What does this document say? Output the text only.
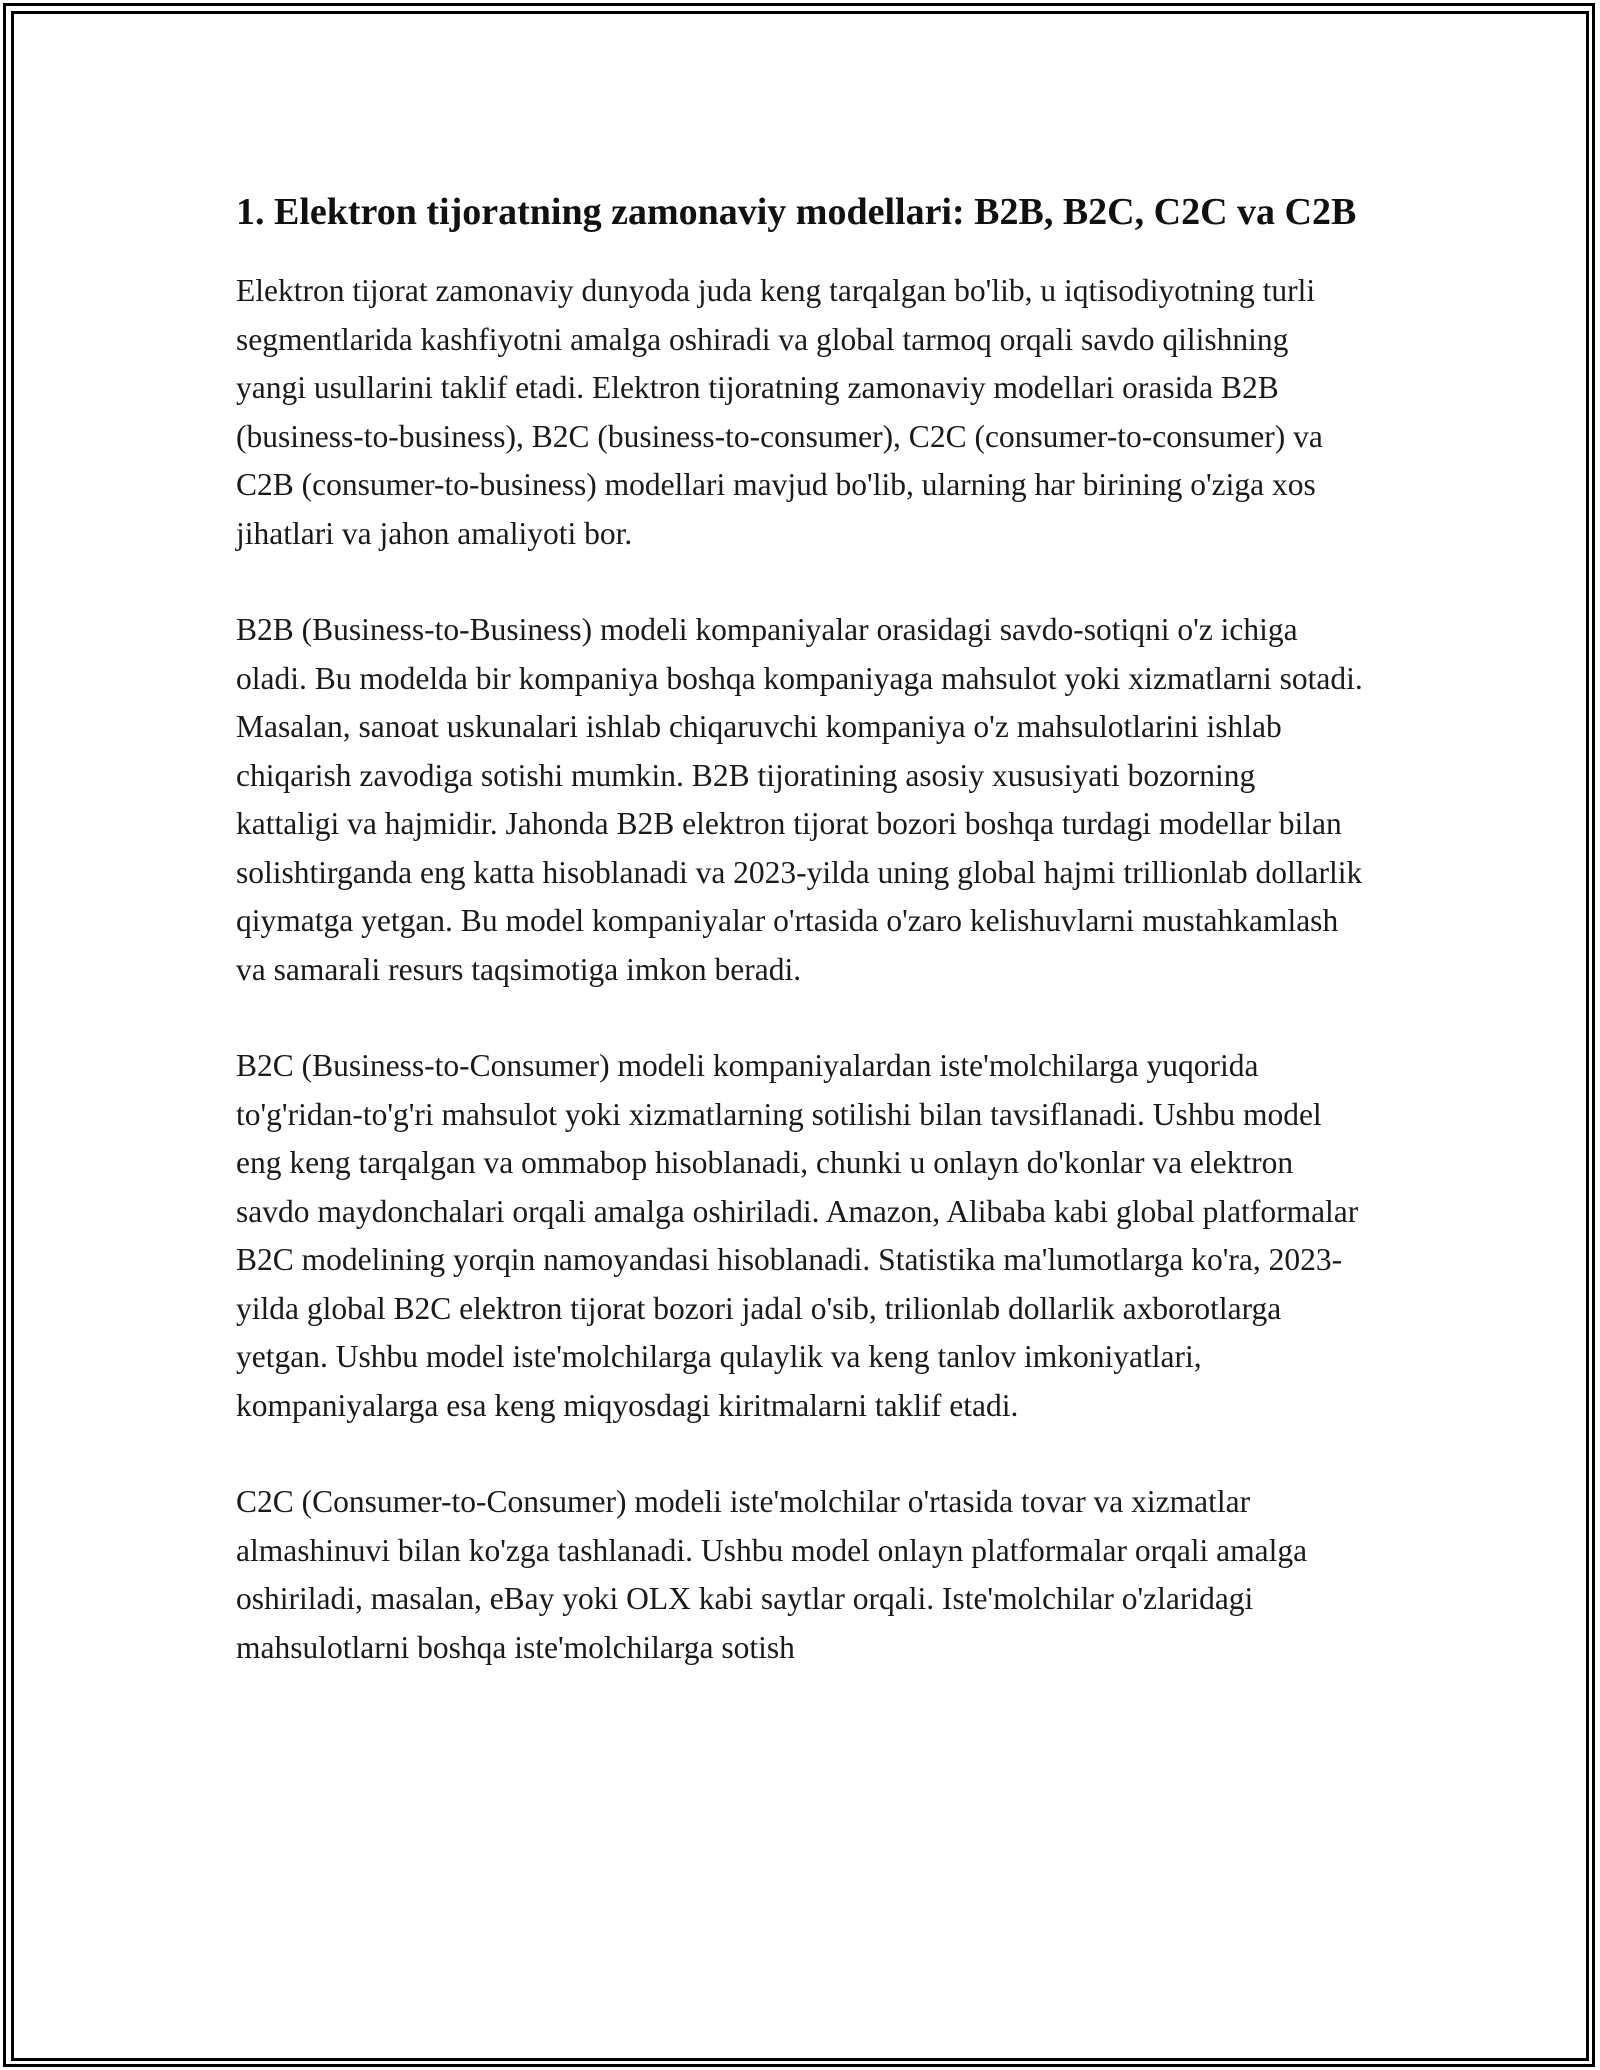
1. Elektron tijoratning zamonaviy modellari: B2B, B2C, C2C va C2B

Elektron tijorat zamonaviy dunyoda juda keng tarqalgan bo'lib, u iqtisodiyotning turli segmentlarida kashfiyotni amalga oshiradi va global tarmoq orqali savdo qilishning yangi usullarini taklif etadi. Elektron tijoratning zamonaviy modellari orasida B2B (business-to-business), B2C (business-to-consumer), C2C (consumer-to-consumer) va C2B (consumer-to-business) modellari mavjud bo'lib, ularning har birining o'ziga xos jihatlari va jahon amaliyoti bor.

B2B (Business-to-Business) modeli kompaniyalar orasidagi savdo-sotiqni o'z ichiga oladi. Bu modelda bir kompaniya boshqa kompaniyaga mahsulot yoki xizmatlarni sotadi. Masalan, sanoat uskunalari ishlab chiqaruvchi kompaniya o'z mahsulotlarini ishlab chiqarish zavodiga sotishi mumkin. B2B tijoratining asosiy xususiyati bozorning kattaligi va hajmidir. Jahonda B2B elektron tijorat bozori boshqa turdagi modellar bilan solishtirganda eng katta hisoblanadi va 2023-yilda uning global hajmi trillionlab dollarlik qiymatga yetgan. Bu model kompaniyalar o'rtasida o'zaro kelishuvlarni mustahkamlash va samarali resurs taqsimotiga imkon beradi.

B2C (Business-to-Consumer) modeli kompaniyalardan iste'molchilarga yuqorida to'g'ridan-to'g'ri mahsulot yoki xizmatlarning sotilishi bilan tavsiflanadi. Ushbu model eng keng tarqalgan va ommabop hisoblanadi, chunki u onlayn do'konlar va elektron savdo maydonchalari orqali amalga oshiriladi. Amazon, Alibaba kabi global platformalar B2C modelining yorqin namoyandasi hisoblanadi. Statistika ma'lumotlarga ko'ra, 2023-yilda global B2C elektron tijorat bozori jadal o'sib, trilionlab dollarlik axborotlarga yetgan. Ushbu model iste'molchilarga qulaylik va keng tanlov imkoniyatlari, kompaniyalarga esa keng miqyosdagi kiritmalarni taklif etadi.

C2C (Consumer-to-Consumer) modeli iste'molchilar o'rtasida tovar va xizmatlar almashinuvi bilan ko'zga tashlanadi. Ushbu model onlayn platformalar orqali amalga oshiriladi, masalan, eBay yoki OLX kabi saytlar orqali. Iste'molchilar o'zlaridagi mahsulotlarni boshqa iste'molchilarga sotish
